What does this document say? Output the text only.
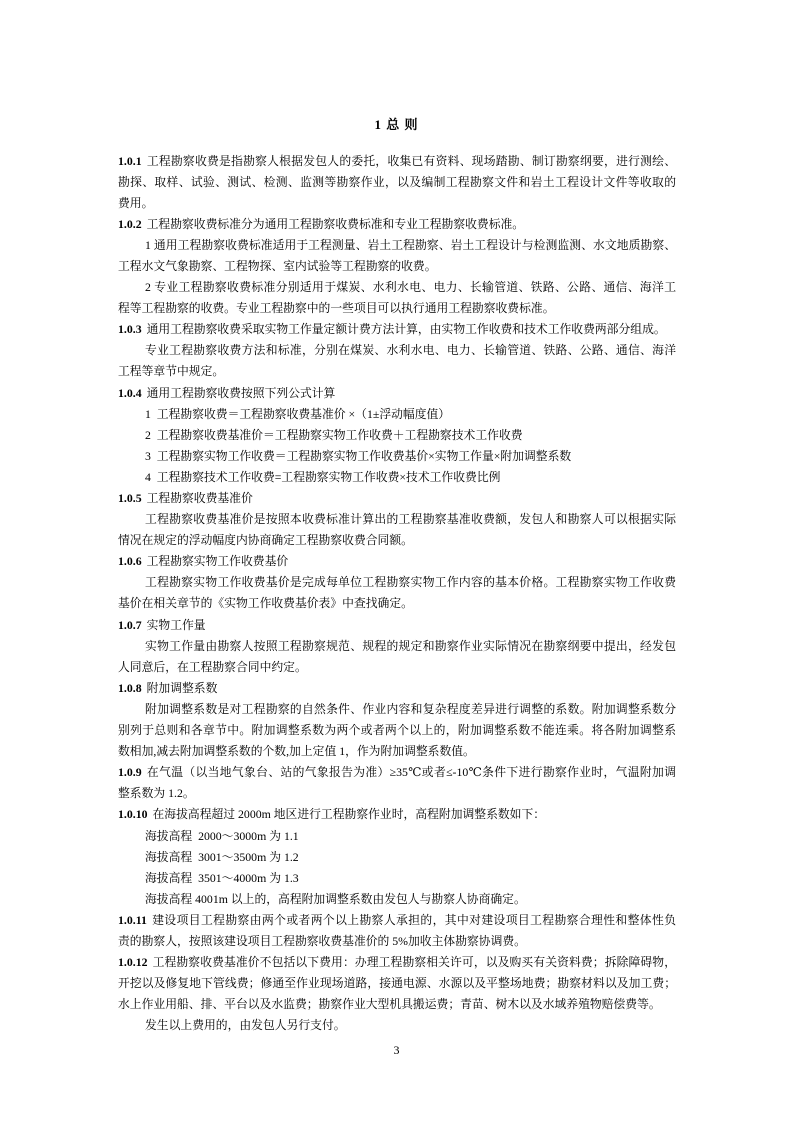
1 总 则
1.0.1 工程勘察收费是指勘察人根据发包人的委托，收集已有资料、现场踏勘、制订勘察纲要，进行测绘、
勘探、取样、试验、测试、检测、监测等勘察作业，以及编制工程勘察文件和岩土工程设计文件等收取的
费用。
1.0.2 工程勘察收费标准分为通用工程勘察收费标准和专业工程勘察收费标准。
1 通用工程勘察收费标准适用于工程测量、岩土工程勘察、岩土工程设计与检测监测、水文地质勘察、
工程水文气象勘察、工程物探、室内试验等工程勘察的收费。
2 专业工程勘察收费标准分别适用于煤炭、水利水电、电力、长输管道、铁路、公路、通信、海洋工
程等工程勘察的收费。专业工程勘察中的一些项目可以执行通用工程勘察收费标准。
1.0.3 通用工程勘察收费采取实物工作量定额计费方法计算，由实物工作收费和技术工作收费两部分组成。
专业工程勘察收费方法和标准，分别在煤炭、水利水电、电力、长输管道、铁路、公路、通信、海洋
工程等章节中规定。
1.0.4 通用工程勘察收费按照下列公式计算
1  工程勘察收费＝工程勘察收费基准价 ×（1±浮动幅度值）
2  工程勘察收费基准价＝工程勘察实物工作收费＋工程勘察技术工作收费
3  工程勘察实物工作收费＝工程勘察实物工作收费基价×实物工作量×附加调整系数
4  工程勘察技术工作收费=工程勘察实物工作收费×技术工作收费比例
1.0.5 工程勘察收费基准价
工程勘察收费基准价是按照本收费标准计算出的工程勘察基准收费额，发包人和勘察人可以根据实际
情况在规定的浮动幅度内协商确定工程勘察收费合同额。
1.0.6 工程勘察实物工作收费基价
工程勘察实物工作收费基价是完成每单位工程勘察实物工作内容的基本价格。工程勘察实物工作收费
基价在相关章节的《实物工作收费基价表》中查找确定。
1.0.7 实物工作量
实物工作量由勘察人按照工程勘察规范、规程的规定和勘察作业实际情况在勘察纲要中提出，经发包
人同意后，在工程勘察合同中约定。
1.0.8 附加调整系数
附加调整系数是对工程勘察的自然条件、作业内容和复杂程度差异进行调整的系数。附加调整系数分
别列于总则和各章节中。附加调整系数为两个或者两个以上的，附加调整系数不能连乘。将各附加调整系
数相加,减去附加调整系数的个数,加上定值 1，作为附加调整系数值。
1.0.9 在气温（以当地气象台、站的气象报告为准）≥35℃或者≤-10℃条件下进行勘察作业时，气温附加调
整系数为 1.2。
1.0.10 在海拔高程超过 2000m 地区进行工程勘察作业时，高程附加调整系数如下：
海拔高程  2000～3000m 为 1.1
海拔高程  3001～3500m 为 1.2
海拔高程  3501～4000m 为 1.3
海拔高程 4001m 以上的，高程附加调整系数由发包人与勘察人协商确定。
1.0.11 建设项目工程勘察由两个或者两个以上勘察人承担的，其中对建设项目工程勘察合理性和整体性负
责的勘察人，按照该建设项目工程勘察收费基准价的 5%加收主体勘察协调费。
1.0.12 工程勘察收费基准价不包括以下费用：办理工程勘察相关许可，以及购买有关资料费；拆除障碍物，
开挖以及修复地下管线费；修通至作业现场道路，接通电源、水源以及平整场地费；勘察材料以及加工费；
水上作业用船、排、平台以及水监费；勘察作业大型机具搬运费；青苗、树木以及水域养殖物赔偿费等。
发生以上费用的，由发包人另行支付。
3
